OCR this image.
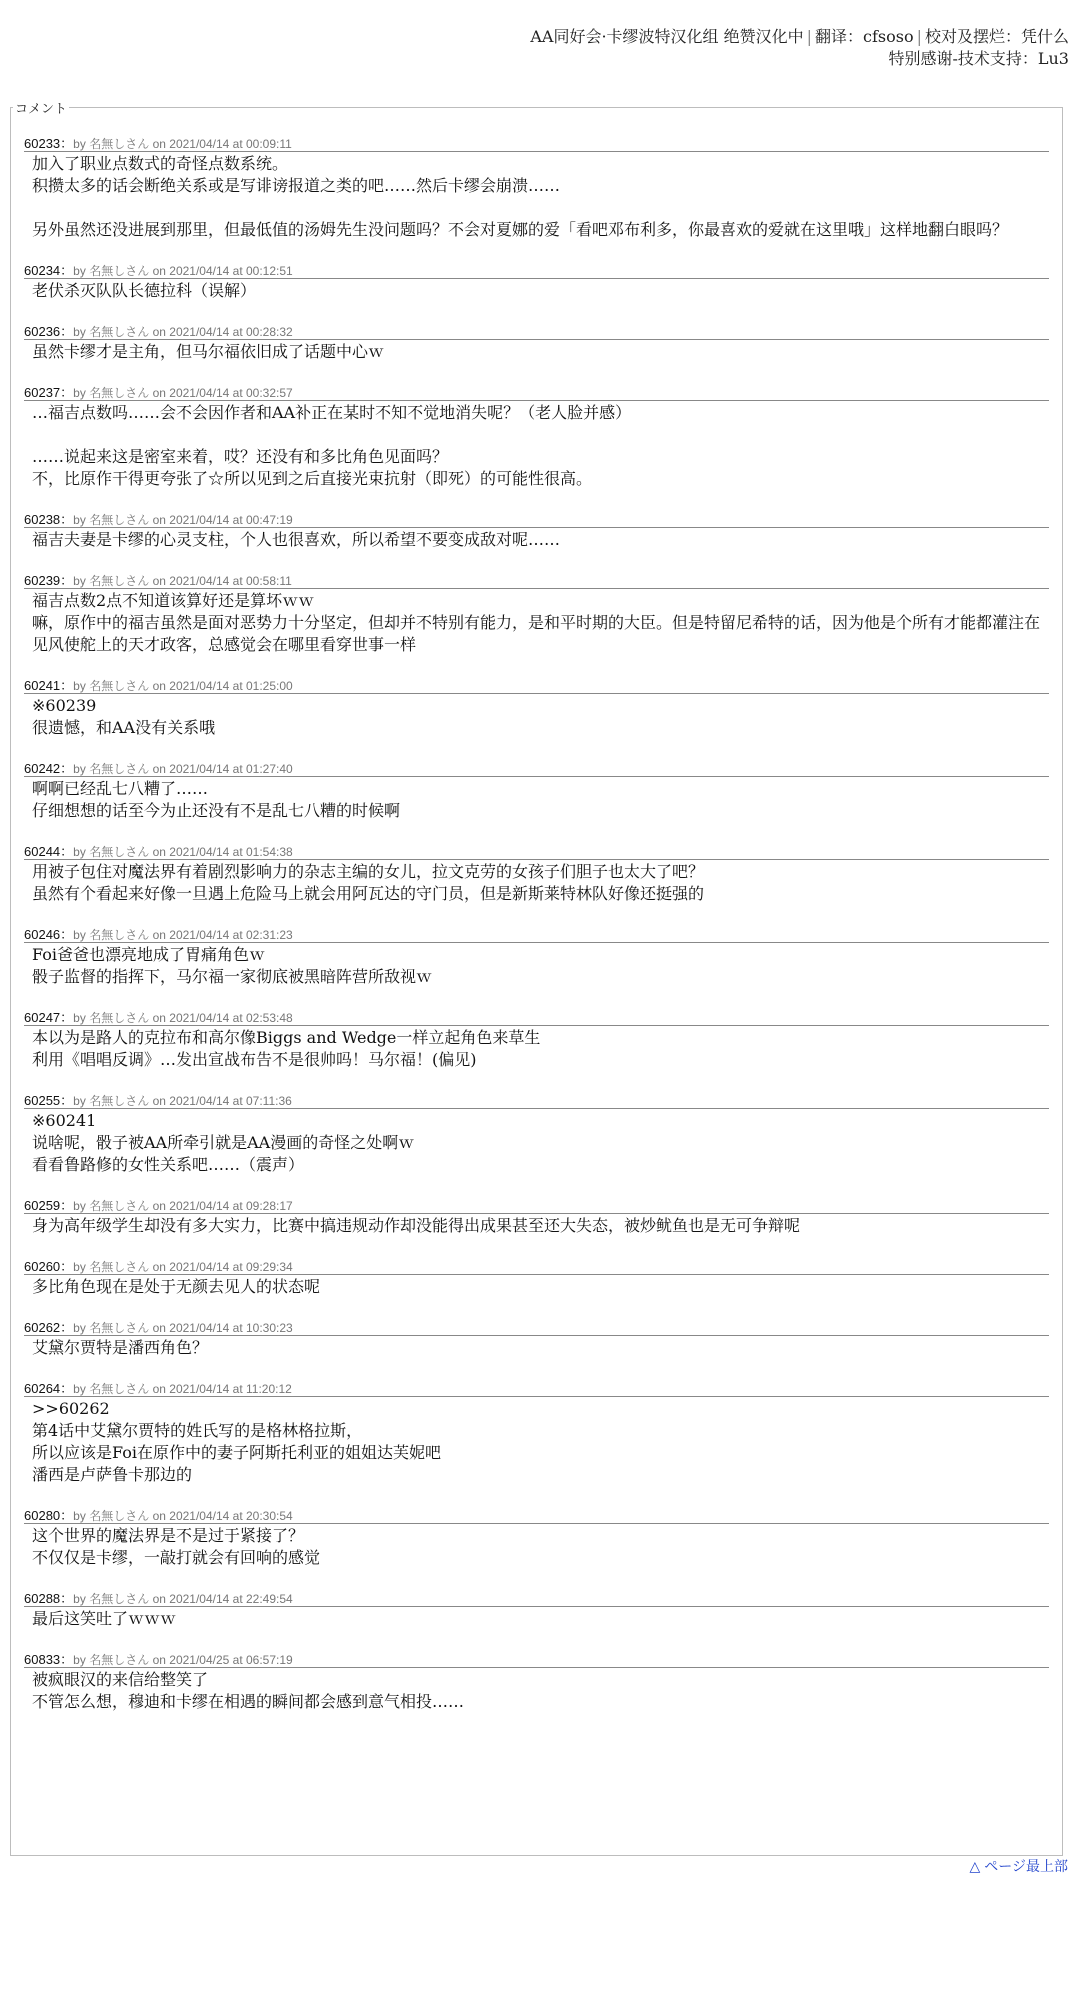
AA同好会·卡缪波特汉化组 绝赞汉化中 | 翻译：cfsoso | 校对及摆烂：凭什么
特别感谢-技术支持：Lu3
コメント
60233：by 名無しさん on 2021/04/14 at 00:09:11
加入了职业点数式的奇怪点数系统。
积攒太多的话会断绝关系或是写诽谤报道之类的吧……然后卡缪会崩溃……
另外虽然还没进展到那里，但最低值的汤姆先生没问题吗？不会对夏娜的爱「看吧邓布利多，你最喜欢的爱就在这里哦」这样地翻白眼吗？
60234：by 名無しさん on 2021/04/14 at 00:12:51
老伏杀灭队队长德拉科（误解）
60236：by 名無しさん on 2021/04/14 at 00:28:32
虽然卡缪才是主角，但马尔福依旧成了话题中心ｗ
60237：by 名無しさん on 2021/04/14 at 00:32:57
…福吉点数吗……会不会因作者和AA补正在某时不知不觉地消失呢？（老人脸并感）
……说起来这是密室来着，哎？还没有和多比角色见面吗？
不，比原作干得更夸张了☆所以见到之后直接光束抗射（即死）的可能性很高。
60238：by 名無しさん on 2021/04/14 at 00:47:19
福吉夫妻是卡缪的心灵支柱，个人也很喜欢，所以希望不要变成敌对呢……
60239：by 名無しさん on 2021/04/14 at 00:58:11
福吉点数2点不知道该算好还是算坏ｗｗ
嘛，原作中的福吉虽然是面对恶势力十分坚定，但却并不特别有能力，是和平时期的大臣。但是特留尼希特的话，因为他是个所有才能都灌注在见风使舵上的天才政客，总感觉会在哪里看穿世事一样
60241：by 名無しさん on 2021/04/14 at 01:25:00
※60239
很遗憾，和AA没有关系哦
60242：by 名無しさん on 2021/04/14 at 01:27:40
啊啊已经乱七八糟了……
仔细想想的话至今为止还没有不是乱七八糟的时候啊
60244：by 名無しさん on 2021/04/14 at 01:54:38
用被子包住对魔法界有着剧烈影响力的杂志主编的女儿，拉文克劳的女孩子们胆子也太大了吧？
虽然有个看起来好像一旦遇上危险马上就会用阿瓦达的守门员，但是新斯莱特林队好像还挺强的
60246：by 名無しさん on 2021/04/14 at 02:31:23
Foi爸爸也漂亮地成了胃痛角色ｗ
骰子监督的指挥下，马尔福一家彻底被黑暗阵营所敌视ｗ
60247：by 名無しさん on 2021/04/14 at 02:53:48
本以为是路人的克拉布和高尔像Biggs and Wedge一样立起角色来草生
利用《唱唱反调》…发出宣战布告不是很帅吗！马尔福！(偏见)
60255：by 名無しさん on 2021/04/14 at 07:11:36
※60241
说啥呢，骰子被AA所牵引就是AA漫画的奇怪之处啊ｗ
看看鲁路修的女性关系吧……（震声）
60259：by 名無しさん on 2021/04/14 at 09:28:17
身为高年级学生却没有多大实力，比赛中搞违规动作却没能得出成果甚至还大失态，被炒鱿鱼也是无可争辩呢
60260：by 名無しさん on 2021/04/14 at 09:29:34
多比角色现在是处于无颜去见人的状态呢
60262：by 名無しさん on 2021/04/14 at 10:30:23
艾黛尔贾特是潘西角色？
60264：by 名無しさん on 2021/04/14 at 11:20:12
>>60262
第4话中艾黛尔贾特的姓氏写的是格林格拉斯，
所以应该是Foi在原作中的妻子阿斯托利亚的姐姐达芙妮吧
潘西是卢萨鲁卡那边的
60280：by 名無しさん on 2021/04/14 at 20:30:54
这个世界的魔法界是不是过于紧接了？
不仅仅是卡缪，一敲打就会有回响的感觉
60288：by 名無しさん on 2021/04/14 at 22:49:54
最后这笑吐了ｗｗｗ
60833：by 名無しさん on 2021/04/25 at 06:57:19
被疯眼汉的来信给整笑了
不管怎么想，穆迪和卡缪在相遇的瞬间都会感到意气相投……
△ ページ最上部
